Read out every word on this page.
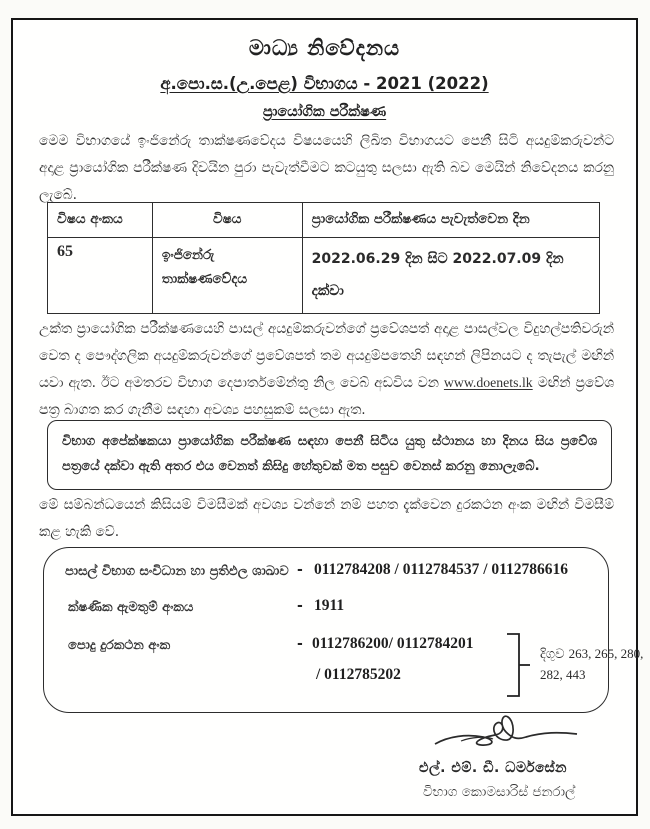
මාධ්‍ය නිවේදනය
අ.පො.ස.(උ.පෙළ) විභාගය - 2021 (2022)
ප්‍රායෝගික පරීක්ෂණ
මෙම විභාගයේ ඉංජිනේරු තාක්ෂණවේදය විෂයයෙහි ලිඛිත විභාගයට පෙනී සිටි අයදුම්කරුවන්ට අදාළ ප්‍රායෝගික පරීක්ෂණ දිවයින පුරා පැවැත්වීමට කටයුතු සලසා ඇති බව මෙයින් නිවේදනය කරනු ලැබේ.
විෂය අංකය	විෂය	ප්‍රායෝගික පරීක්ෂණය පැවැත්වෙන දින
65	ඉංජිනේරු තාක්ෂණවේදය	2022.06.29 දින සිට 2022.07.09 දින දක්වා
උක්ත ප්‍රායෝගික පරීක්ෂණයෙහි පාසල් අයදුම්කරුවන්ගේ ප්‍රවේශපත් අදාළ පාසල්වල විදුහල්පතිවරුන් වෙත ද පෞද්ගලික අයදුම්කරුවන්ගේ ප්‍රවේශපත් තම අයදුම්පතෙහි සඳහන් ලිපිනයට ද තැපැල් මඟින් යවා ඇත. ඊට අමතරව විභාග දෙපාර්තමේන්තු නිල වෙබ් අඩවිය වන www.doenets.lk මඟින් ප්‍රවේශ පත්‍ර බාගත කර ගැනීම සඳහා අවශ්‍ය පහසුකම් සලසා ඇත.
විභාග අපේක්ෂකයා ප්‍රායෝගික පරීක්ෂණ සඳහා පෙනී සිටිය යුතු ස්ථානය හා දිනය සිය ප්‍රවේශ පත්‍රයේ දක්වා ඇති අතර එය වෙනත් කිසිදු හේතුවක් මත පසුව වෙනස් කරනු නොලැබේ.
මේ සම්බන්ධයෙන් කිසියම් විමසීමක් අවශ්‍ය වන්නේ නම් පහත දැක්වෙන දුරකථන අංක මඟින් විමසීම් කළ හැකි වේ.
පාසල් විභාග සංවිධාන හා ප්‍රතිඵල ශාඛාව - 0112784208 / 0112784537 / 0112786616
ක්ෂණික ඇමතුම් අංකය	- 1911
පොදු දුරකථන අංක	- 0112786200/ 0112784201
/ 0112785202
දිගුව 263, 265, 280, 282, 443
එල්. එම්. ඩී. ධර්මසේන
විභාග කොමසාරිස් ජනරාල්
